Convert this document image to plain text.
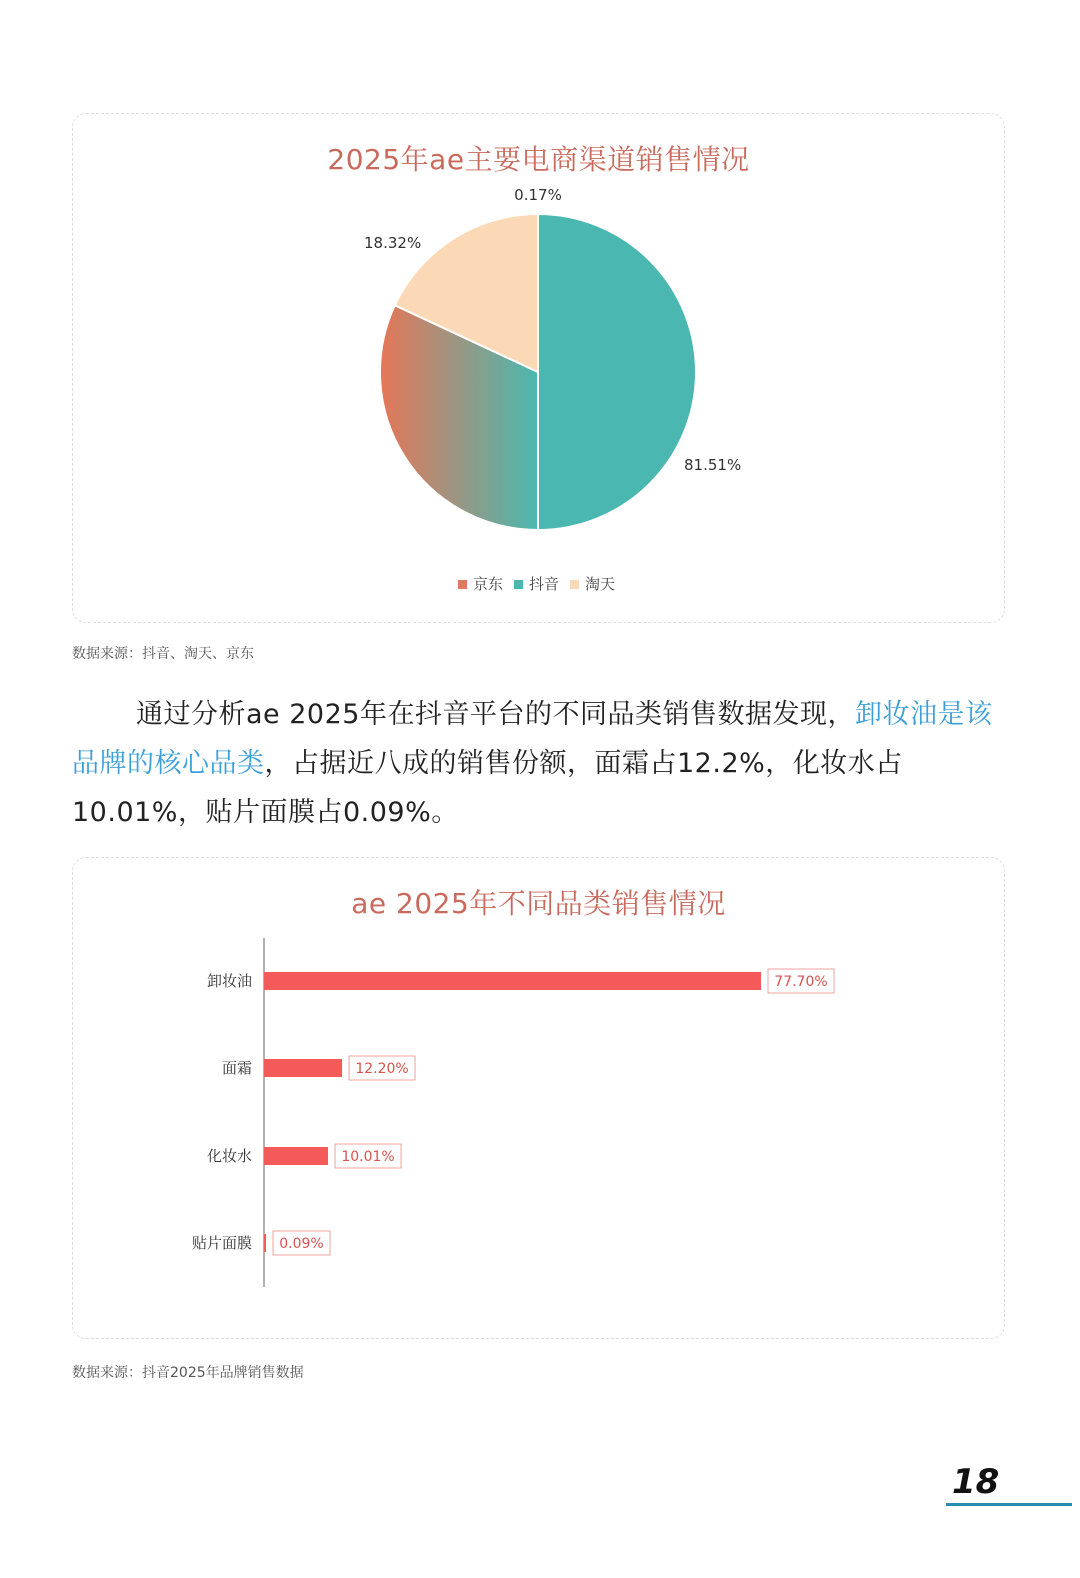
2025年ae主要电商渠道销售情况
0.17%
81.51%
18.32%
京东 抖音 淘天
数据来源：抖音、淘天、京东
通过分析ae 2025年在抖音平台的不同品类销售数据发现，卸妆油是该品牌的核心品类，占据近八成的销售份额，面霜占12.2%，化妆水占10.01%，贴片面膜占0.09%。
ae 2025年不同品类销售情况
卸妆油	77.70%
面霜	12.20%
化妆水	10.01%
贴片面膜 0.09%
数据来源：抖音2025年品牌销售数据
18
